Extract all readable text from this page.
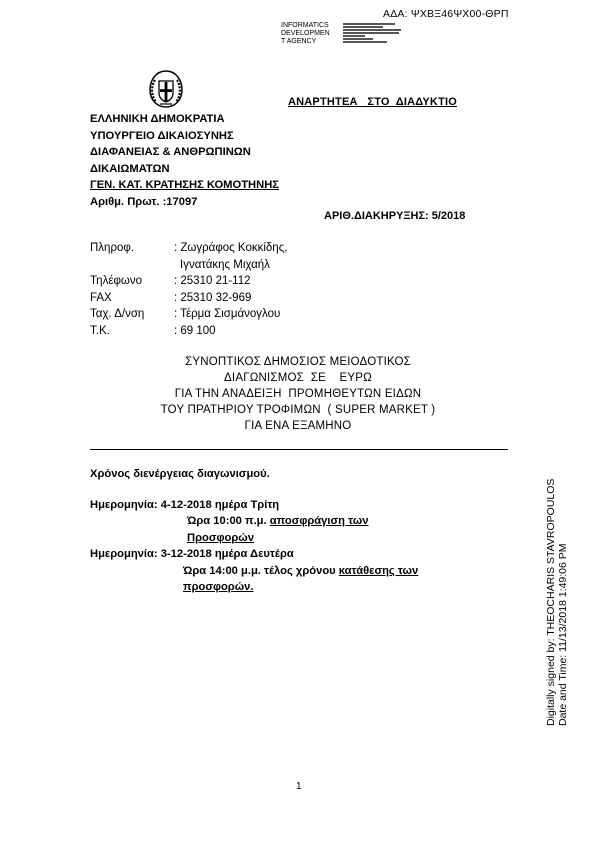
ΑΔΑ: ΨΧΒΞ46ΨΧ00-ΘΡΠ
INFORMATICS
DEVELOPMEN
T AGENCY
ΑΝΑΡΤΗΤΕΑ   ΣΤΟ  ΔΙΑΔΥΚΤΙΟ
ΕΛΛΗΝΙΚΗ ΔΗΜΟΚΡΑΤΙΑ
ΥΠΟΥΡΓΕΙΟ ΔΙΚΑΙΟΣΥΝΗΣ
ΔΙΑΦΑΝΕΙΑΣ & ΑΝΘΡΩΠΙΝΩΝ
ΔΙΚΑΙΩΜΑΤΩΝ
ΓΕΝ. ΚΑΤ. ΚΡΑΤΗΣΗΣ ΚΟΜΟΤΗΝΗΣ
Αριθμ. Πρωτ. :17097
ΑΡΙΘ.ΔΙΑΚΗΡΥΞΗΣ: 5/2018
Πληροφ.	: Ζωγράφος Κοκκίδης,
Ιγνατάκης Μιχαήλ
Τηλέφωνο	: 25310 21-112
FAX	: 25310 32-969
Ταχ. Δ/νση	: Τέρμα Σισμάνογλου
Τ.Κ.	: 69 100
ΣΥΝΟΠΤΙΚΟΣ ΔΗΜΟΣΙΟΣ ΜΕΙΟΔΟΤΙΚΟΣ
ΔΙΑΓΩΝΙΣΜΟΣ  ΣΕ    ΕΥΡΩ
ΓΙΑ ΤΗΝ ΑΝΑΔΕΙΞΗ  ΠΡΟΜΗΘΕΥΤΩΝ ΕΙΔΩΝ
ΤΟΥ ΠΡΑΤΗΡΙΟΥ ΤΡΟΦΙΜΩΝ  ( SUPER MARKET )
ΓΙΑ ΕΝΑ ΕΞΑΜΗΝΟ
Χρόνος διενέργειας διαγωνισμού.
Ημερομηνία: 4-12-2018 ημέρα Τρίτη
Ώρα 10:00 π.μ. αποσφράγιση των
Προσφορών
Ημερομηνία: 3-12-2018 ημέρα Δευτέρα
Ώρα 14:00 μ.μ. τέλος χρόνου κατάθεσης των
προσφορών.	Digitally signed by: THEOCHARIS STAVROPOULOS Date and Time: 11/13/2018 1:49:06 PM
1
